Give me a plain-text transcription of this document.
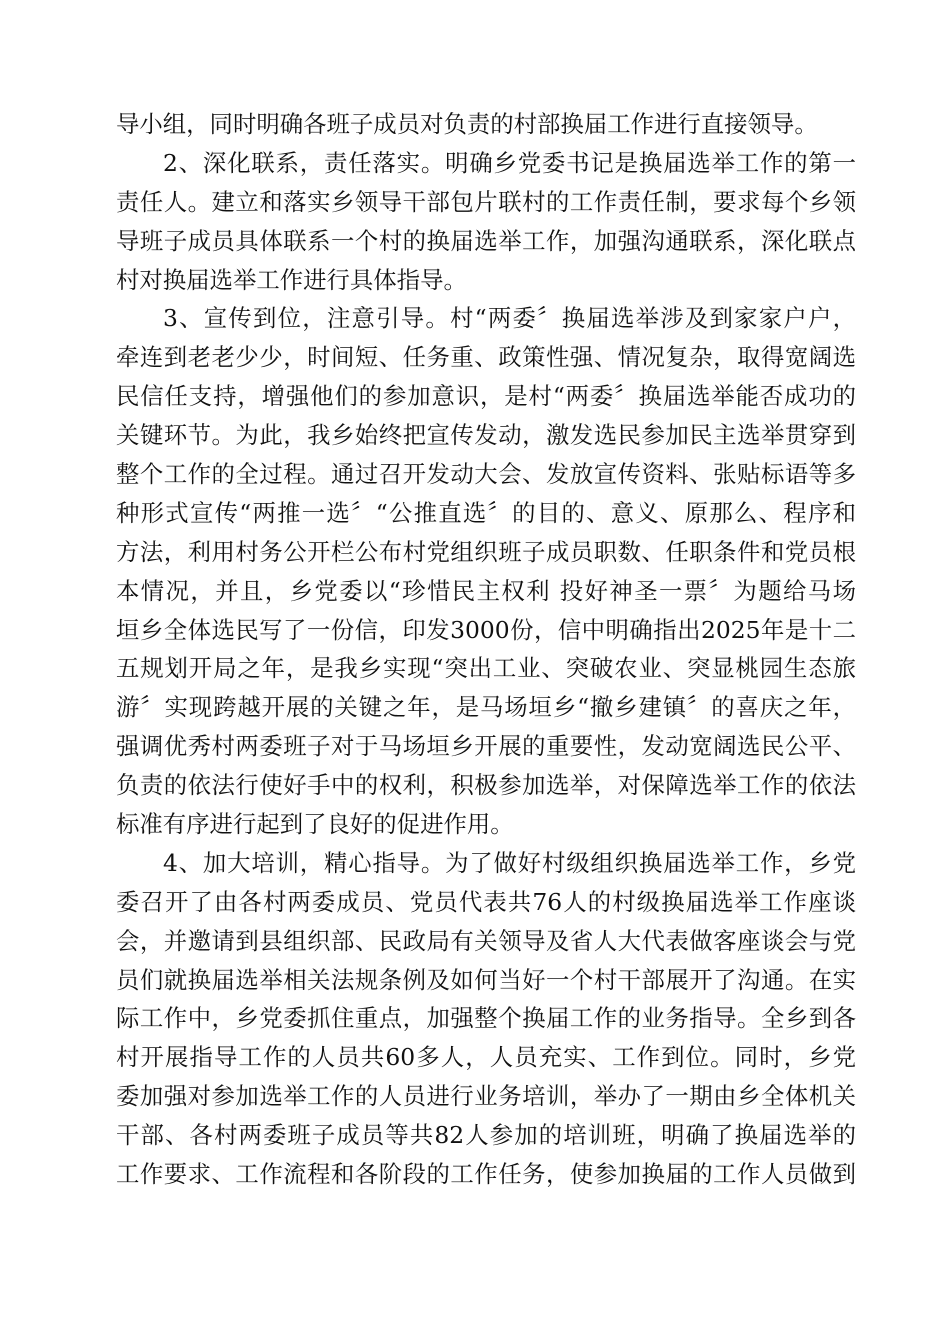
导小组，同时明确各班子成员对负责的村部换届工作进行直接领导。
2、深化联系，责任落实。明确乡党委书记是换届选举工作的第一
责任人。建立和落实乡领导干部包片联村的工作责任制，要求每个乡领
导班子成员具体联系一个村的换届选举工作，加强沟通联系，深化联点
村对换届选举工作进行具体指导。
3、宣传到位，注意引导。村“两委〞换届选举涉及到家家户户，
牵连到老老少少，时间短、任务重、政策性强、情况复杂，取得宽阔选
民信任支持，增强他们的参加意识，是村“两委〞换届选举能否成功的
关键环节。为此，我乡始终把宣传发动，激发选民参加民主选举贯穿到
整个工作的全过程。通过召开发动大会、发放宣传资料、张贴标语等多
种形式宣传“两推一选〞“公推直选〞的目的、意义、原那么、程序和
方法，利用村务公开栏公布村党组织班子成员职数、任职条件和党员根
本情况，并且，乡党委以“珍惜民主权利 投好神圣一票〞为题给马场
垣乡全体选民写了一份信，印发3000份，信中明确指出2025年是十二
五规划开局之年，是我乡实现“突出工业、突破农业、突显桃园生态旅
游〞实现跨越开展的关键之年，是马场垣乡“撤乡建镇〞的喜庆之年，
强调优秀村两委班子对于马场垣乡开展的重要性，发动宽阔选民公平、
负责的依法行使好手中的权利，积极参加选举，对保障选举工作的依法
标准有序进行起到了良好的促进作用。
4、加大培训，精心指导。为了做好村级组织换届选举工作，乡党
委召开了由各村两委成员、党员代表共76人的村级换届选举工作座谈
会，并邀请到县组织部、民政局有关领导及省人大代表做客座谈会与党
员们就换届选举相关法规条例及如何当好一个村干部展开了沟通。在实
际工作中，乡党委抓住重点，加强整个换届工作的业务指导。全乡到各
村开展指导工作的人员共60多人，人员充实、工作到位。同时，乡党
委加强对参加选举工作的人员进行业务培训，举办了一期由乡全体机关
干部、各村两委班子成员等共82人参加的培训班，明确了换届选举的
工作要求、工作流程和各阶段的工作任务，使参加换届的工作人员做到
